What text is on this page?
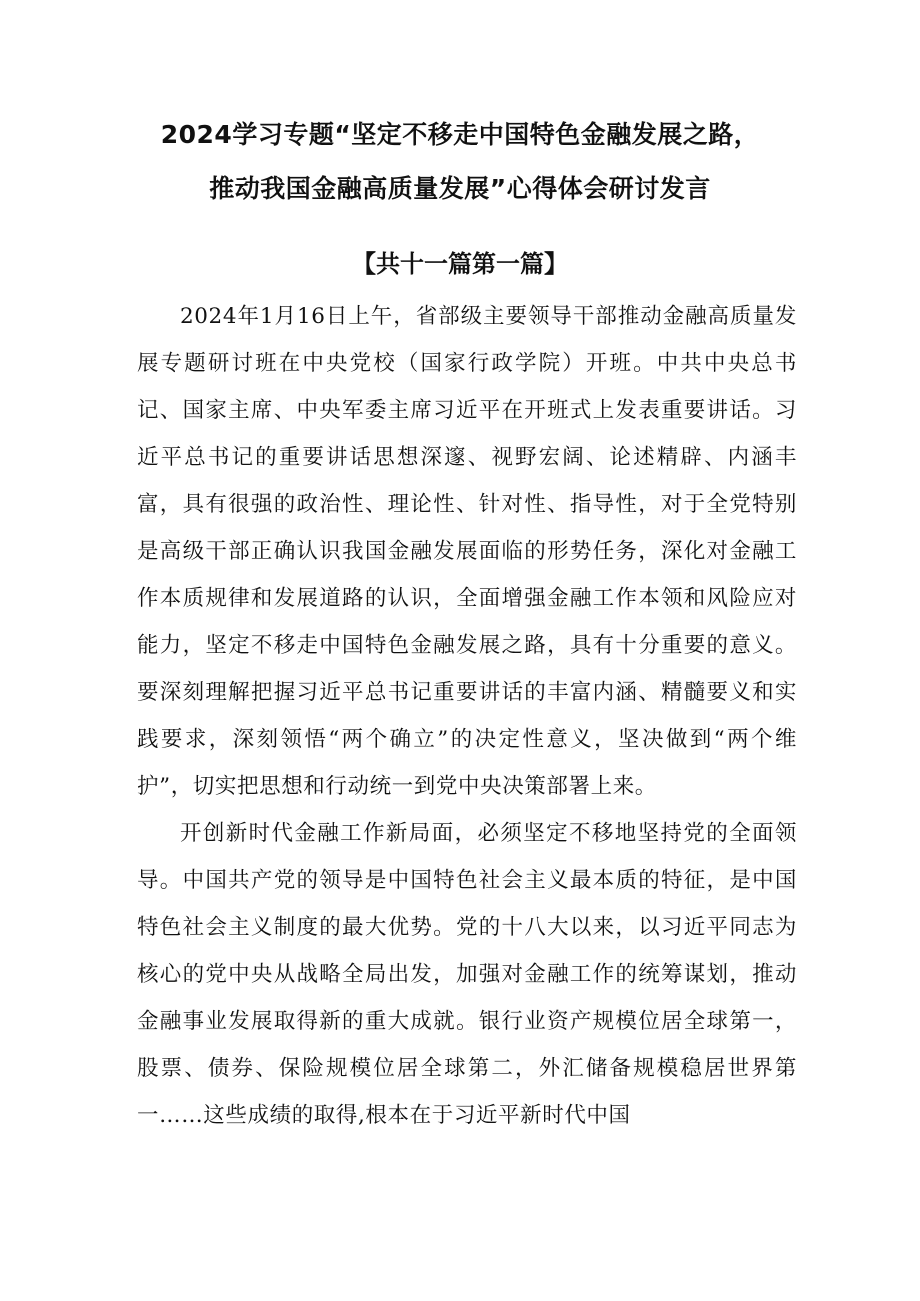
2024学习专题“坚定不移走中国特色金融发展之路，
推动我国金融高质量发展”心得体会研讨发言
【共十一篇第一篇】

2024年1月16日上午，省部级主要领导干部推动金融高质量发展专题研讨班在中央党校（国家行政学院）开班。中共中央总书记、国家主席、中央军委主席习近平在开班式上发表重要讲话。习近平总书记的重要讲话思想深邃、视野宏阔、论述精辟、内涵丰富，具有很强的政治性、理论性、针对性、指导性，对于全党特别是高级干部正确认识我国金融发展面临的形势任务，深化对金融工作本质规律和发展道路的认识，全面增强金融工作本领和风险应对能力，坚定不移走中国特色金融发展之路，具有十分重要的意义。要深刻理解把握习近平总书记重要讲话的丰富内涵、精髓要义和实践要求，深刻领悟“两个确立”的决定性意义，坚决做到“两个维护”，切实把思想和行动统一到党中央决策部署上来。

开创新时代金融工作新局面，必须坚定不移地坚持党的全面领导。中国共产党的领导是中国特色社会主义最本质的特征，是中国特色社会主义制度的最大优势。党的十八大以来，以习近平同志为核心的党中央从战略全局出发，加强对金融工作的统筹谋划，推动金融事业发展取得新的重大成就。银行业资产规模位居全球第一，股票、债券、保险规模位居全球第二，外汇储备规模稳居世界第一……这些成绩的取得,根本在于习近平新时代中国
